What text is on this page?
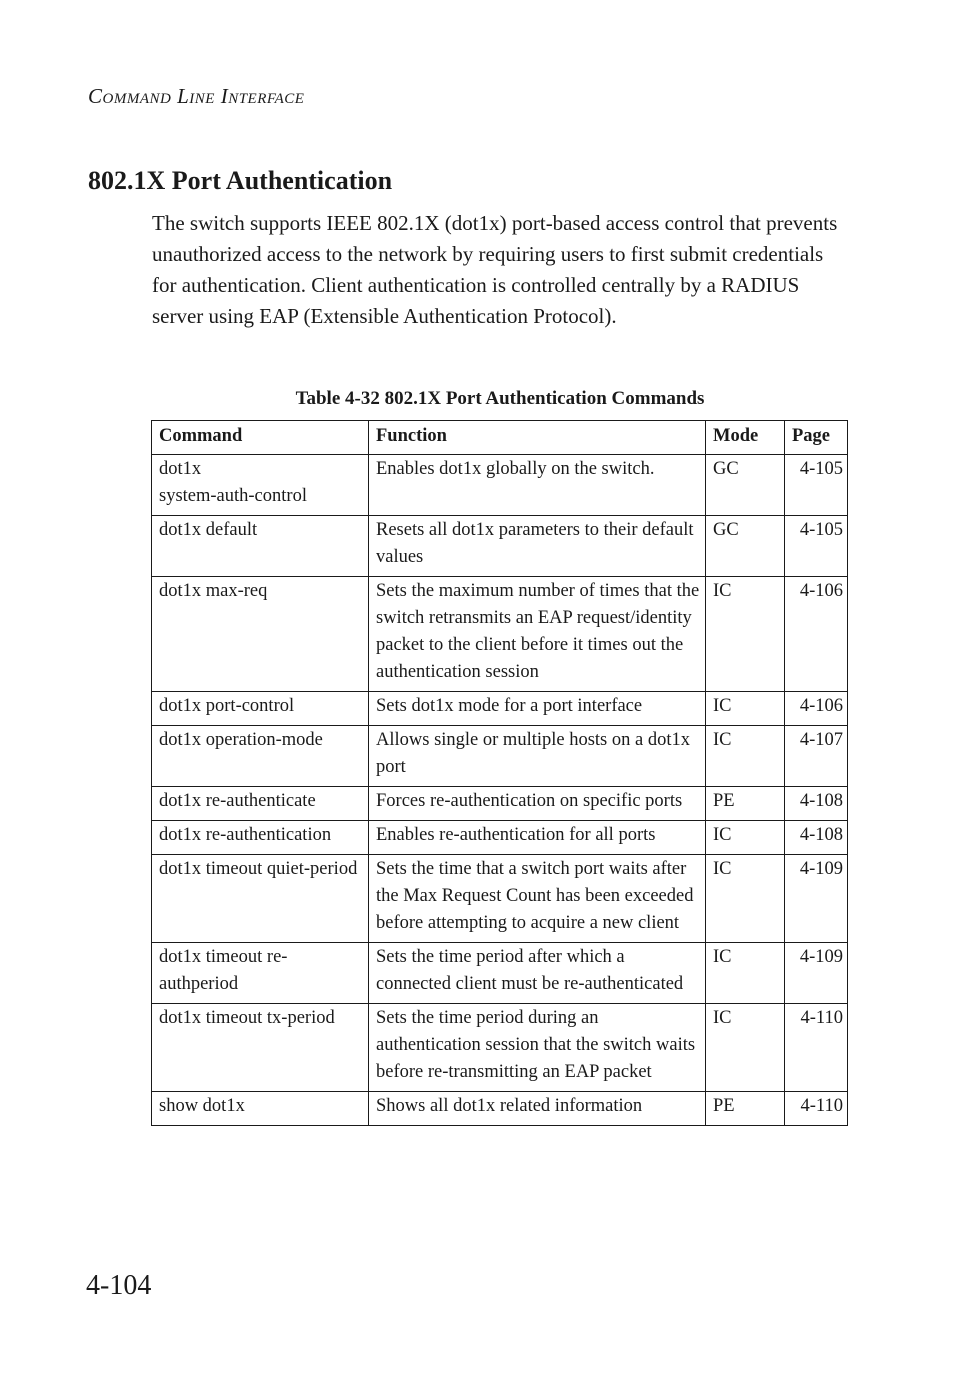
COMMAND LINE INTERFACE
802.1X Port Authentication

The switch supports IEEE 802.1X (dot1x) port-based access control that prevents unauthorized access to the network by requiring users to first submit credentials for authentication. Client authentication is controlled centrally by a RADIUS server using EAP (Extensible Authentication Protocol).

Table 4-32 802.1X Port Authentication Commands
Command	Function	Mode	Page
dot1x
system-auth-control	Enables dot1x globally on the switch.	GC	4-105
dot1x default	Resets all dot1x parameters to their default values	GC	4-105
dot1x max-req	Sets the maximum number of times that the switch retransmits an EAP request/identity packet to the client before it times out the authentication session	IC	4-106
dot1x port-control	Sets dot1x mode for a port interface	IC	4-106
dot1x operation-mode	Allows single or multiple hosts on a dot1x port	IC	4-107
dot1x re-authenticate	Forces re-authentication on specific ports	PE	4-108
dot1x re-authentication	Enables re-authentication for all ports	IC	4-108
dot1x timeout quiet-period	Sets the time that a switch port waits after the Max Request Count has been exceeded before attempting to acquire a new client	IC	4-109
dot1x timeout re-authperiod	Sets the time period after which a connected client must be re-authenticated	IC	4-109
dot1x timeout tx-period	Sets the time period during an authentication session that the switch waits before re-transmitting an EAP packet	IC	4-110
show dot1x	Shows all dot1x related information	PE	4-110
4-104
